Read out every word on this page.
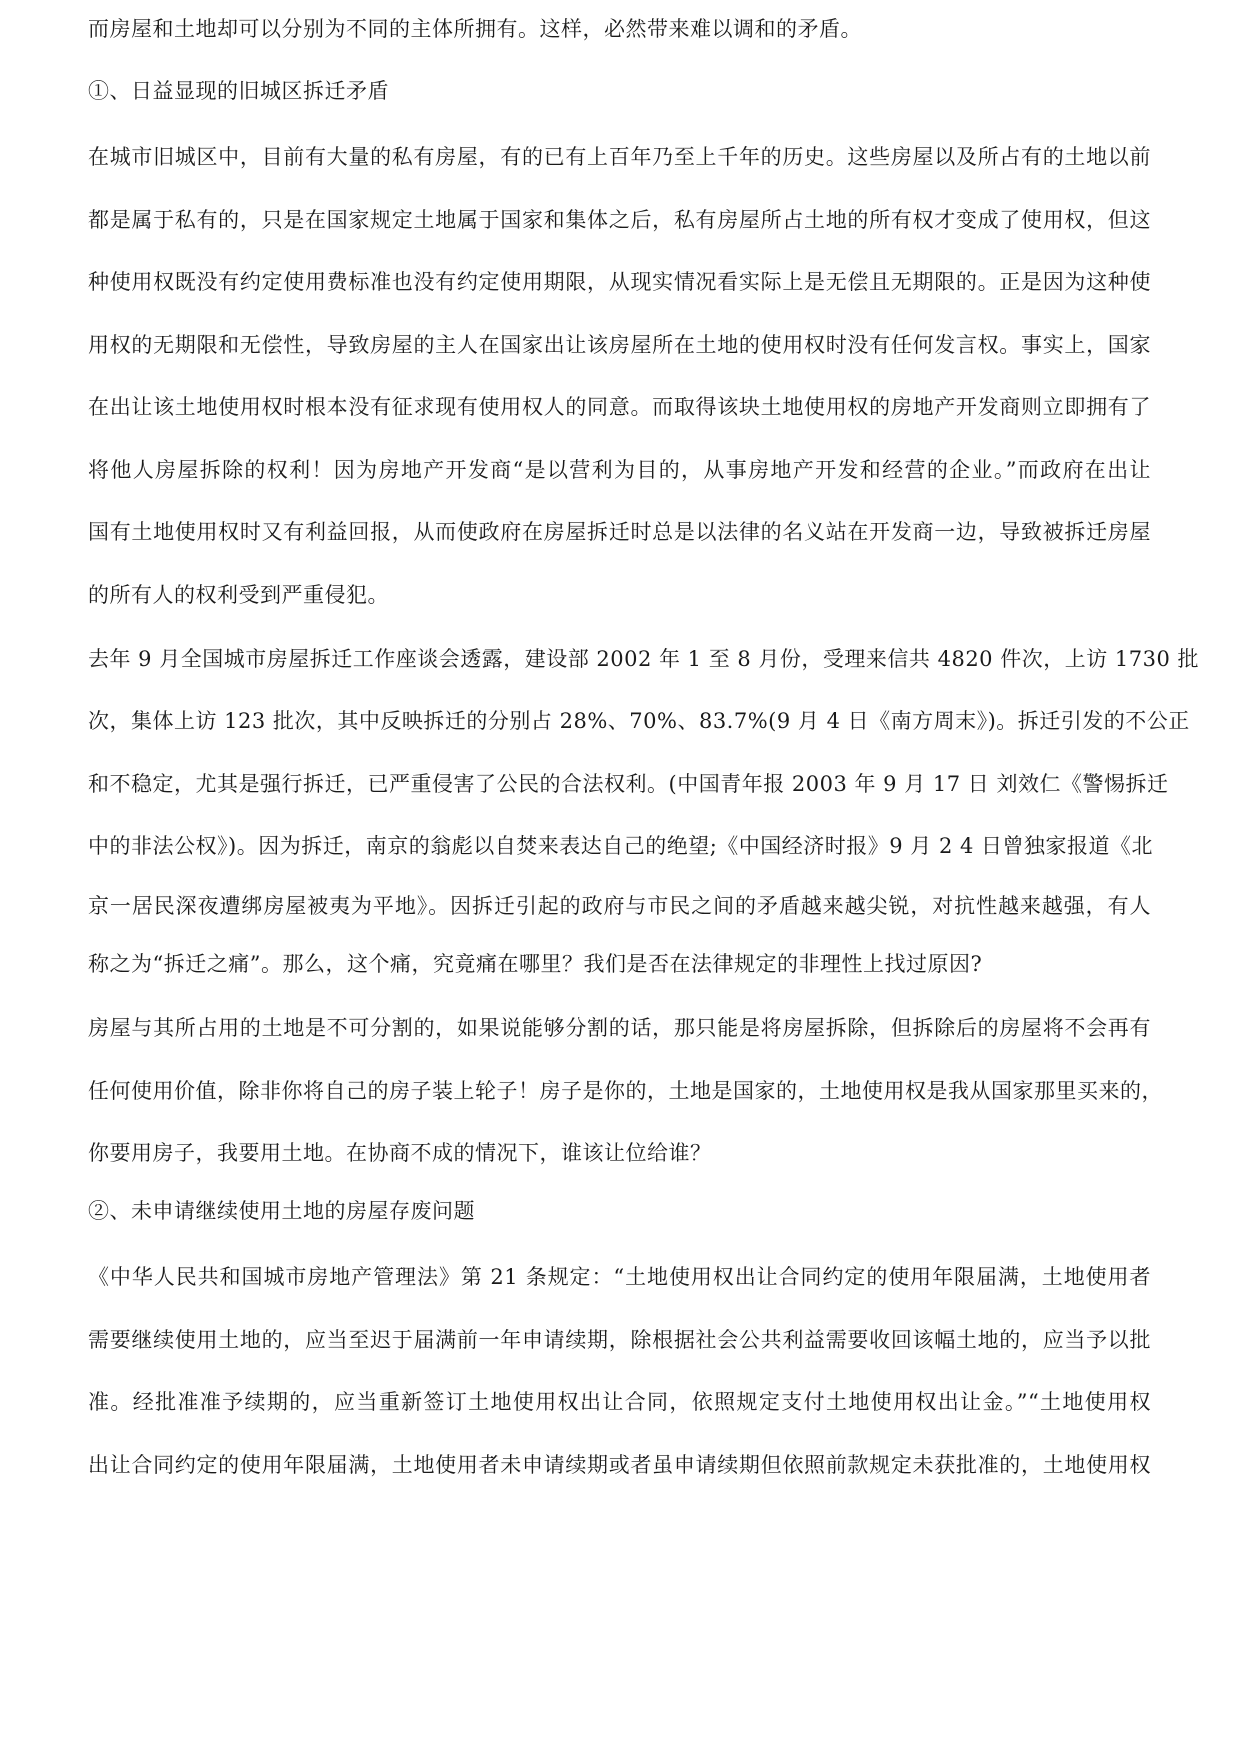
而房屋和土地却可以分别为不同的主体所拥有。这样，必然带来难以调和的矛盾。
①、日益显现的旧城区拆迁矛盾
在城市旧城区中，目前有大量的私有房屋，有的已有上百年乃至上千年的历史。这些房屋以及所占有的土地以前
都是属于私有的，只是在国家规定土地属于国家和集体之后，私有房屋所占土地的所有权才变成了使用权，但这
种使用权既没有约定使用费标准也没有约定使用期限，从现实情况看实际上是无偿且无期限的。正是因为这种使
用权的无期限和无偿性，导致房屋的主人在国家出让该房屋所在土地的使用权时没有任何发言权。事实上，国家
在出让该土地使用权时根本没有征求现有使用权人的同意。而取得该块土地使用权的房地产开发商则立即拥有了
将他人房屋拆除的权利！因为房地产开发商“是以营利为目的，从事房地产开发和经营的企业。”而政府在出让
国有土地使用权时又有利益回报，从而使政府在房屋拆迁时总是以法律的名义站在开发商一边，导致被拆迁房屋
的所有人的权利受到严重侵犯。
去年 9 月全国城市房屋拆迁工作座谈会透露，建设部 2002 年 1 至 8 月份，受理来信共 4820 件次，上访 1730 批
次，集体上访 123 批次，其中反映拆迁的分别占 28%、70%、83.7%(9 月 4 日《南方周末》)。拆迁引发的不公正
和不稳定，尤其是强行拆迁，已严重侵害了公民的合法权利。(中国青年报 2003 年 9 月 17 日 刘效仁《警惕拆迁
中的非法公权》)。因为拆迁，南京的翁彪以自焚来表达自己的绝望;《中国经济时报》9 月 2 4 日曾独家报道《北
京一居民深夜遭绑房屋被夷为平地》。因拆迁引起的政府与市民之间的矛盾越来越尖锐，对抗性越来越强，有人
称之为“拆迁之痛”。那么，这个痛，究竟痛在哪里？我们是否在法律规定的非理性上找过原因?
房屋与其所占用的土地是不可分割的，如果说能够分割的话，那只能是将房屋拆除，但拆除后的房屋将不会再有
任何使用价值，除非你将自己的房子装上轮子！房子是你的，土地是国家的，土地使用权是我从国家那里买来的，
你要用房子，我要用土地。在协商不成的情况下，谁该让位给谁？
②、未申请继续使用土地的房屋存废问题
《中华人民共和国城市房地产管理法》第 21 条规定：“土地使用权出让合同约定的使用年限届满，土地使用者
需要继续使用土地的，应当至迟于届满前一年申请续期，除根据社会公共利益需要收回该幅土地的，应当予以批
准。经批准准予续期的，应当重新签订土地使用权出让合同，依照规定支付土地使用权出让金。”“土地使用权
出让合同约定的使用年限届满，土地使用者未申请续期或者虽申请续期但依照前款规定未获批准的，土地使用权
